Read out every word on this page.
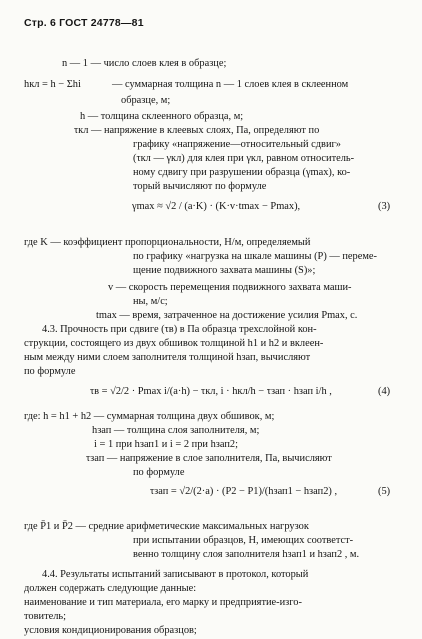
Стр. 6 ГОСТ 24778—81
n — 1 — число слоев клея в образце;
hкл = h − Σhi	— суммарная толщина n — 1 слоев клея в склеенном
образце, м;
h — толщина склеенного образца, м;
τкл — напряжение в клеевых слоях, Па, определяют по
графику «напряжение—относительный сдвиг»
(τкл — γкл) для клея при γкл, равном относитель-
ному сдвигу при разрушении образца (γmax), ко-
торый вычисляют по формуле
γmax ≈ √2 / (a·K) · (K·v·tmax − Pmax),	(3)
где K — коэффициент пропорциональности, Н/м, определяемый
по графику «нагрузка на шкале машины (P) — переме-
щение подвижного захвата машины (S)»;
v — скорость перемещения подвижного захвата маши-
ны, м/с;
tmax — время, затраченное на достижение усилия Pmax, с.
4.3. Прочность при сдвиге (τв) в Па образца трехслойной кон-
струкции, состоящего из двух обшивок толщиной h1 и h2 и вклеен-
ным между ними слоем заполнителя толщиной hзап, вычисляют
по формуле
τв = √2/2 · Pmax i/(a·h) − τкл, i · hкл/h − τзап · hзап i/h ,	(4)
где: h = h1 + h2 — суммарная толщина двух обшивок, м;
hзап — толщина слоя заполнителя, м;
i = 1 при hзап1 и i = 2 при hзап2;
τзап — напряжение в слое заполнителя, Па, вычисляют
по формуле
τзап = √2/(2·a) · (P2 − P1)/(hзап1 − hзап2) ,	(5)
где P̄1 и P̄2 — средние арифметические максимальных нагрузок
при испытании образцов, Н, имеющих соответст-
венно толщину слоя заполнителя hзап1 и hзап2 , м.
4.4. Результаты испытаний записывают в протокол, который
должен содержать следующие данные:
наименование и тип материала, его марку и предприятие-изго-
товитель;
условия кондиционирования образцов;
